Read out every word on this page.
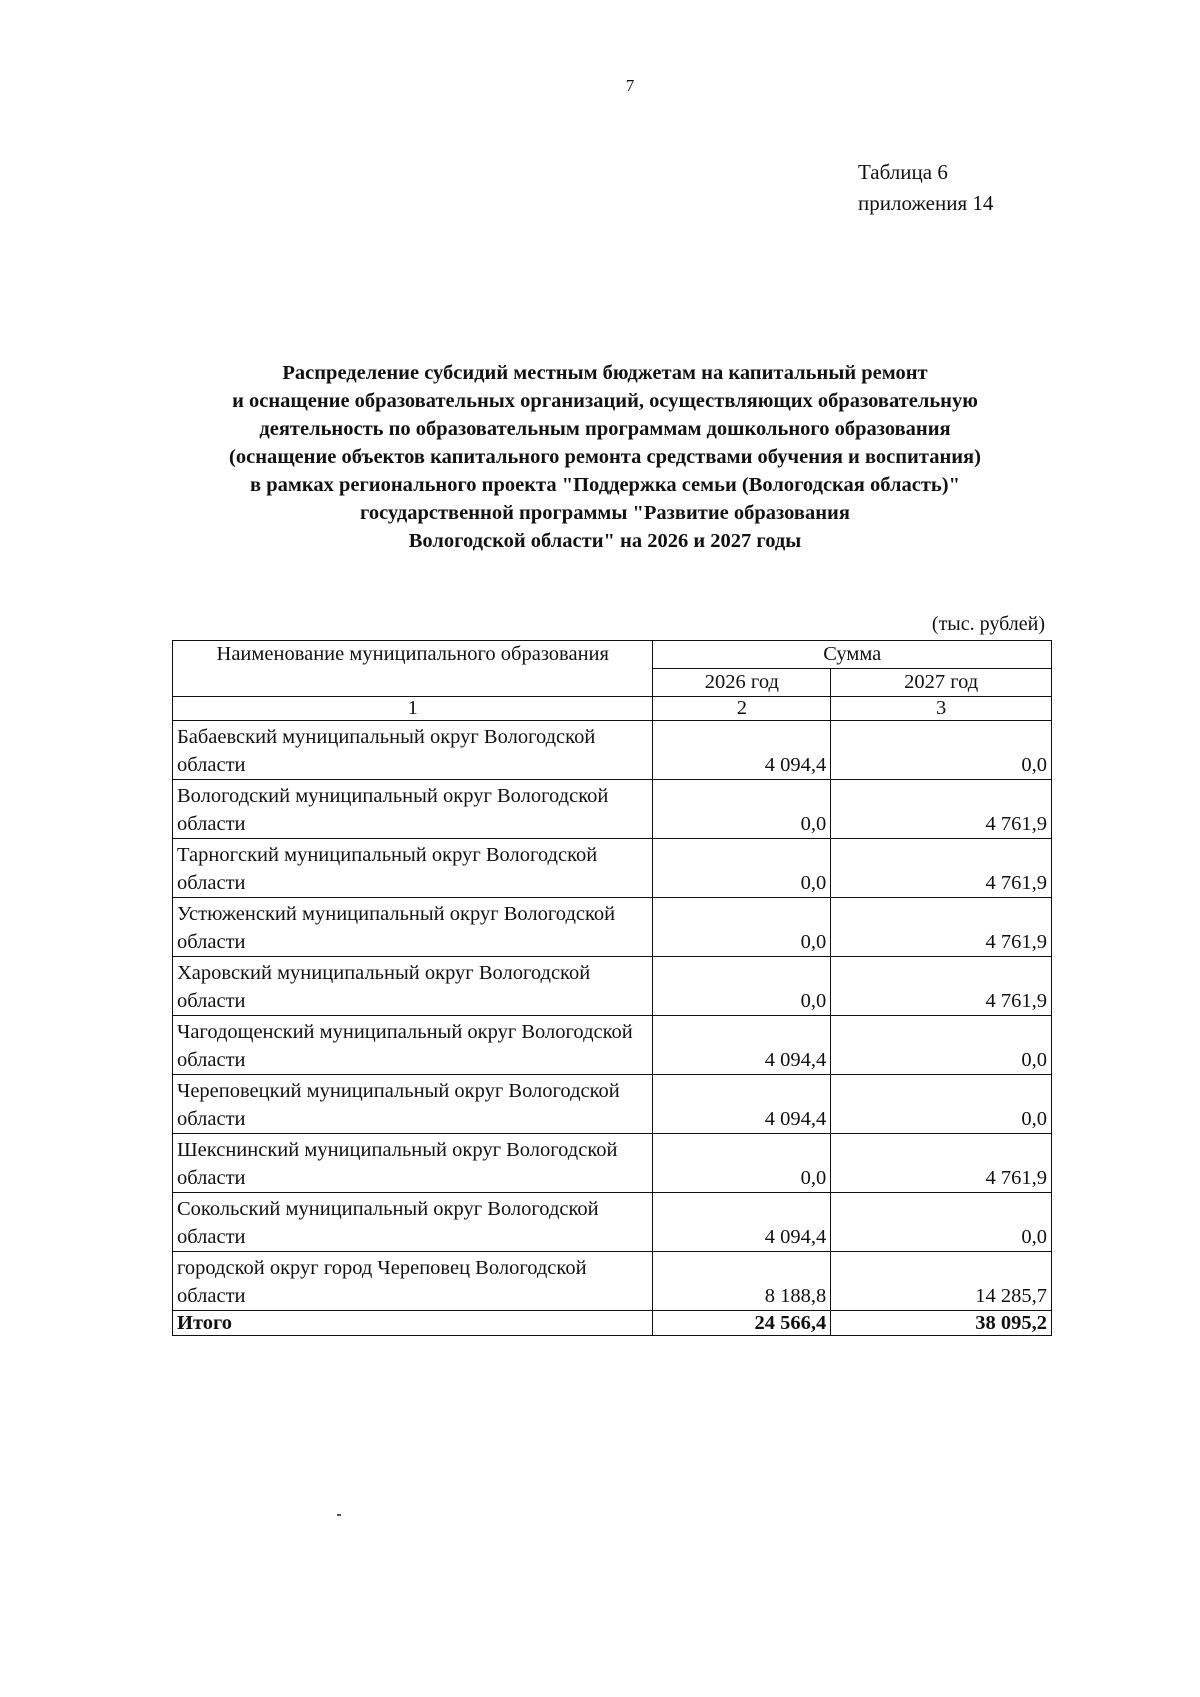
7
Таблица 6
приложения 14
Распределение субсидий местным бюджетам на капитальный ремонт
и оснащение образовательных организаций, осуществляющих образовательную
деятельность по образовательным программам дошкольного образования
(оснащение объектов капитального ремонта средствами обучения и воспитания)
в рамках регионального проекта "Поддержка семьи (Вологодская область)"
государственной программы "Развитие образования
Вологодской области" на 2026 и 2027 годы
(тыс. рублей)
Наименование муниципального образования	Сумма	
	2026 год	2027 год
1	2	3
Бабаевский муниципальный округ Вологодской области	4 094,4	0,0
Вологодский муниципальный округ Вологодской области	0,0	4 761,9
Тарногский муниципальный округ Вологодской области	0,0	4 761,9
Устюженский муниципальный округ Вологодской области	0,0	4 761,9
Харовский муниципальный округ Вологодской области	0,0	4 761,9
Чагодощенский муниципальный округ Вологодской области	4 094,4	0,0
Череповецкий муниципальный округ Вологодской области	4 094,4	0,0
Шекснинский муниципальный округ Вологодской области	0,0	4 761,9
Сокольский муниципальный округ Вологодской области	4 094,4	0,0
городской округ город Череповец Вологодской области	8 188,8	14 285,7
Итого	24 566,4	38 095,2
